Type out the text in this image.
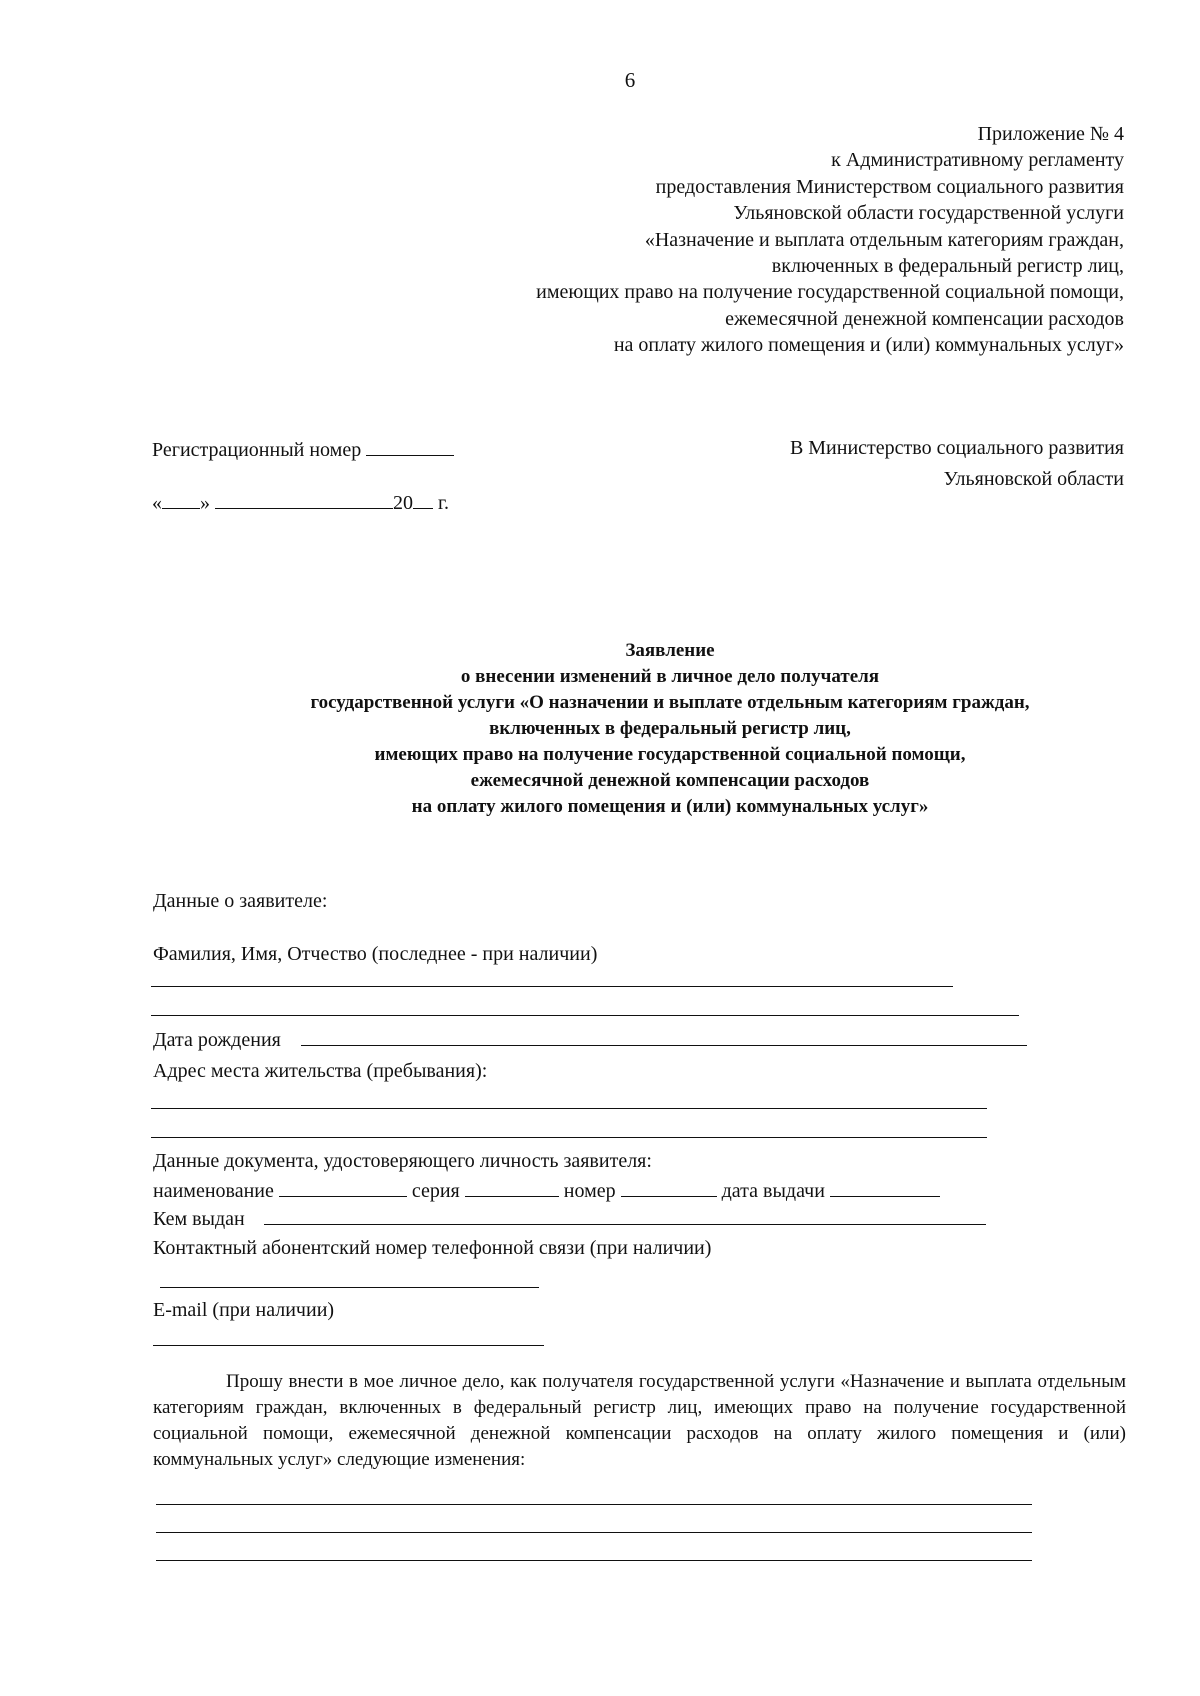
6
Приложение № 4
к Административному регламенту
предоставления Министерством социального развития
Ульяновской области государственной услуги
«Назначение и выплата отдельным категориям граждан,
включенных в федеральный регистр лиц,
имеющих право на получение государственной социальной помощи,
ежемесячной денежной компенсации расходов
на оплату жилого помещения и (или) коммунальных услуг»
Регистрационный номер
« »	20 г.
В Министерство социального развития
Ульяновской области
Заявление
о внесении изменений в личное дело получателя
государственной услуги «О назначении и выплате отдельным категориям граждан,
включенных в федеральный регистр лиц,
имеющих право на получение государственной социальной помощи,
ежемесячной денежной компенсации расходов
на оплату жилого помещения и (или) коммунальных услуг»
Данные о заявителе:
Фамилия, Имя, Отчество (последнее - при наличии)
Дата рождения
Адрес места жительства (пребывания):
Данные документа, удостоверяющего личность заявителя:
наименование	серия	номер	дата выдачи
Кем выдан
Контактный абонентский номер телефонной связи (при наличии)
E-mail (при наличии)

Прошу внести в мое личное дело, как получателя государственной услуги «Назначение и выплата отдельным категориям граждан, включенных в федеральный регистр лиц, имеющих право на получение государственной социальной помощи, ежемесячной денежной компенсации расходов на оплату жилого помещения и (или) коммунальных услуг» следующие изменения:
